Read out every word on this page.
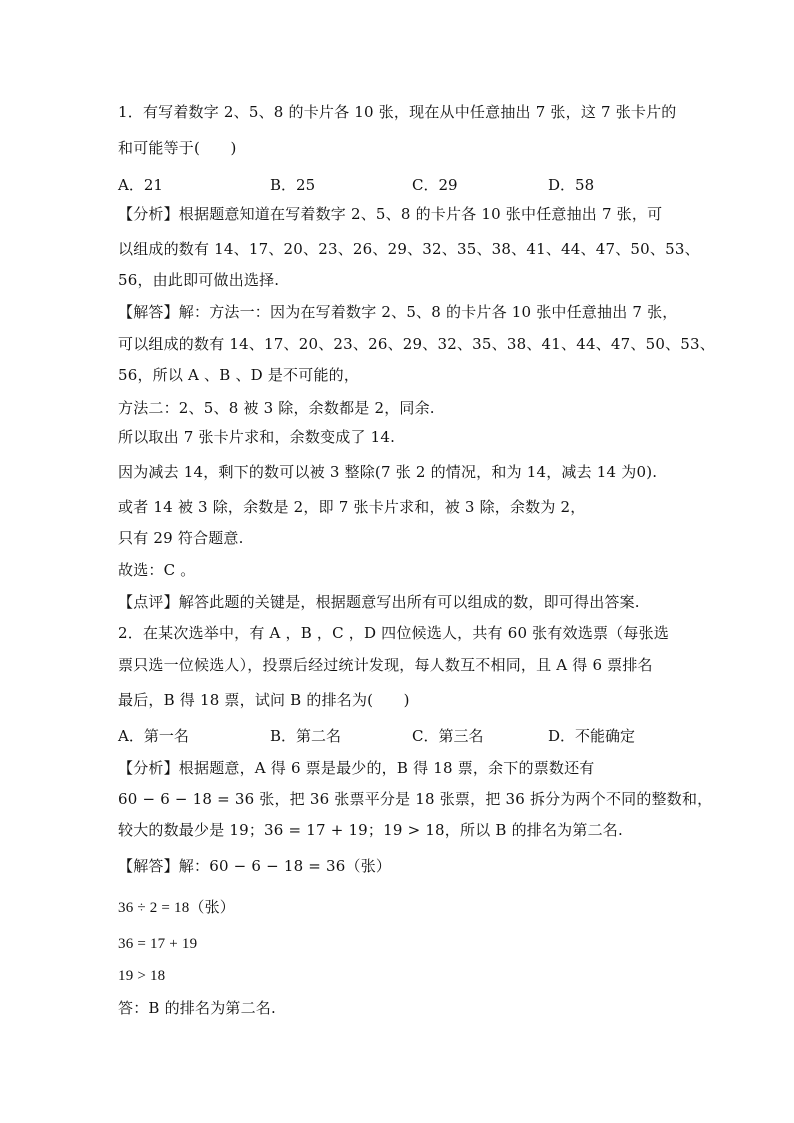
1．有写着数字 2、5、8 的卡片各 10 张，现在从中任意抽出 7 张，这 7 张卡片的
和可能等于(　　)
A．21	B．25	C．29	D．58
【分析】根据题意知道在写着数字 2、5、8 的卡片各 10 张中任意抽出 7 张，可
以组成的数有 14、17、20、23、26、29、32、35、38、41、44、47、50、53、
56，由此即可做出选择.
【解答】解：方法一：因为在写着数字 2、5、8 的卡片各 10 张中任意抽出 7 张，
可以组成的数有 14、17、20、23、26、29、32、35、38、41、44、47、50、53、
56，所以 A 、B 、D 是不可能的，
方法二：2、5、8 被 3 除，余数都是 2，同余.
所以取出 7 张卡片求和，余数变成了 14.
因为减去 14，剩下的数可以被 3 整除(7 张 2 的情况，和为 14，减去 14 为0).
或者 14 被 3 除，余数是 2，即 7 张卡片求和，被 3 除，余数为 2，
只有 29 符合题意.
故选：C 。
【点评】解答此题的关键是，根据题意写出所有可以组成的数，即可得出答案.
2．在某次选举中，有 A ，B ，C ，D 四位候选人，共有 60 张有效选票（每张选
票只选一位候选人），投票后经过统计发现，每人数互不相同，且 A 得 6 票排名
最后，B 得 18 票，试问 B 的排名为(　　)
A．第一名	B．第二名	C．第三名	D．不能确定
【分析】根据题意，A 得 6 票是最少的，B 得 18 票，余下的票数还有
60 − 6 − 18 = 36 张，把 36 张票平分是 18 张票，把 36 拆分为两个不同的整数和，
较大的数最少是 19；36 = 17 + 19；19 > 18，所以 B 的排名为第二名.
【解答】解：60 − 6 − 18 = 36（张）
36 ÷ 2 = 18（张）
36 = 17 + 19
19 > 18
答：B 的排名为第二名.
